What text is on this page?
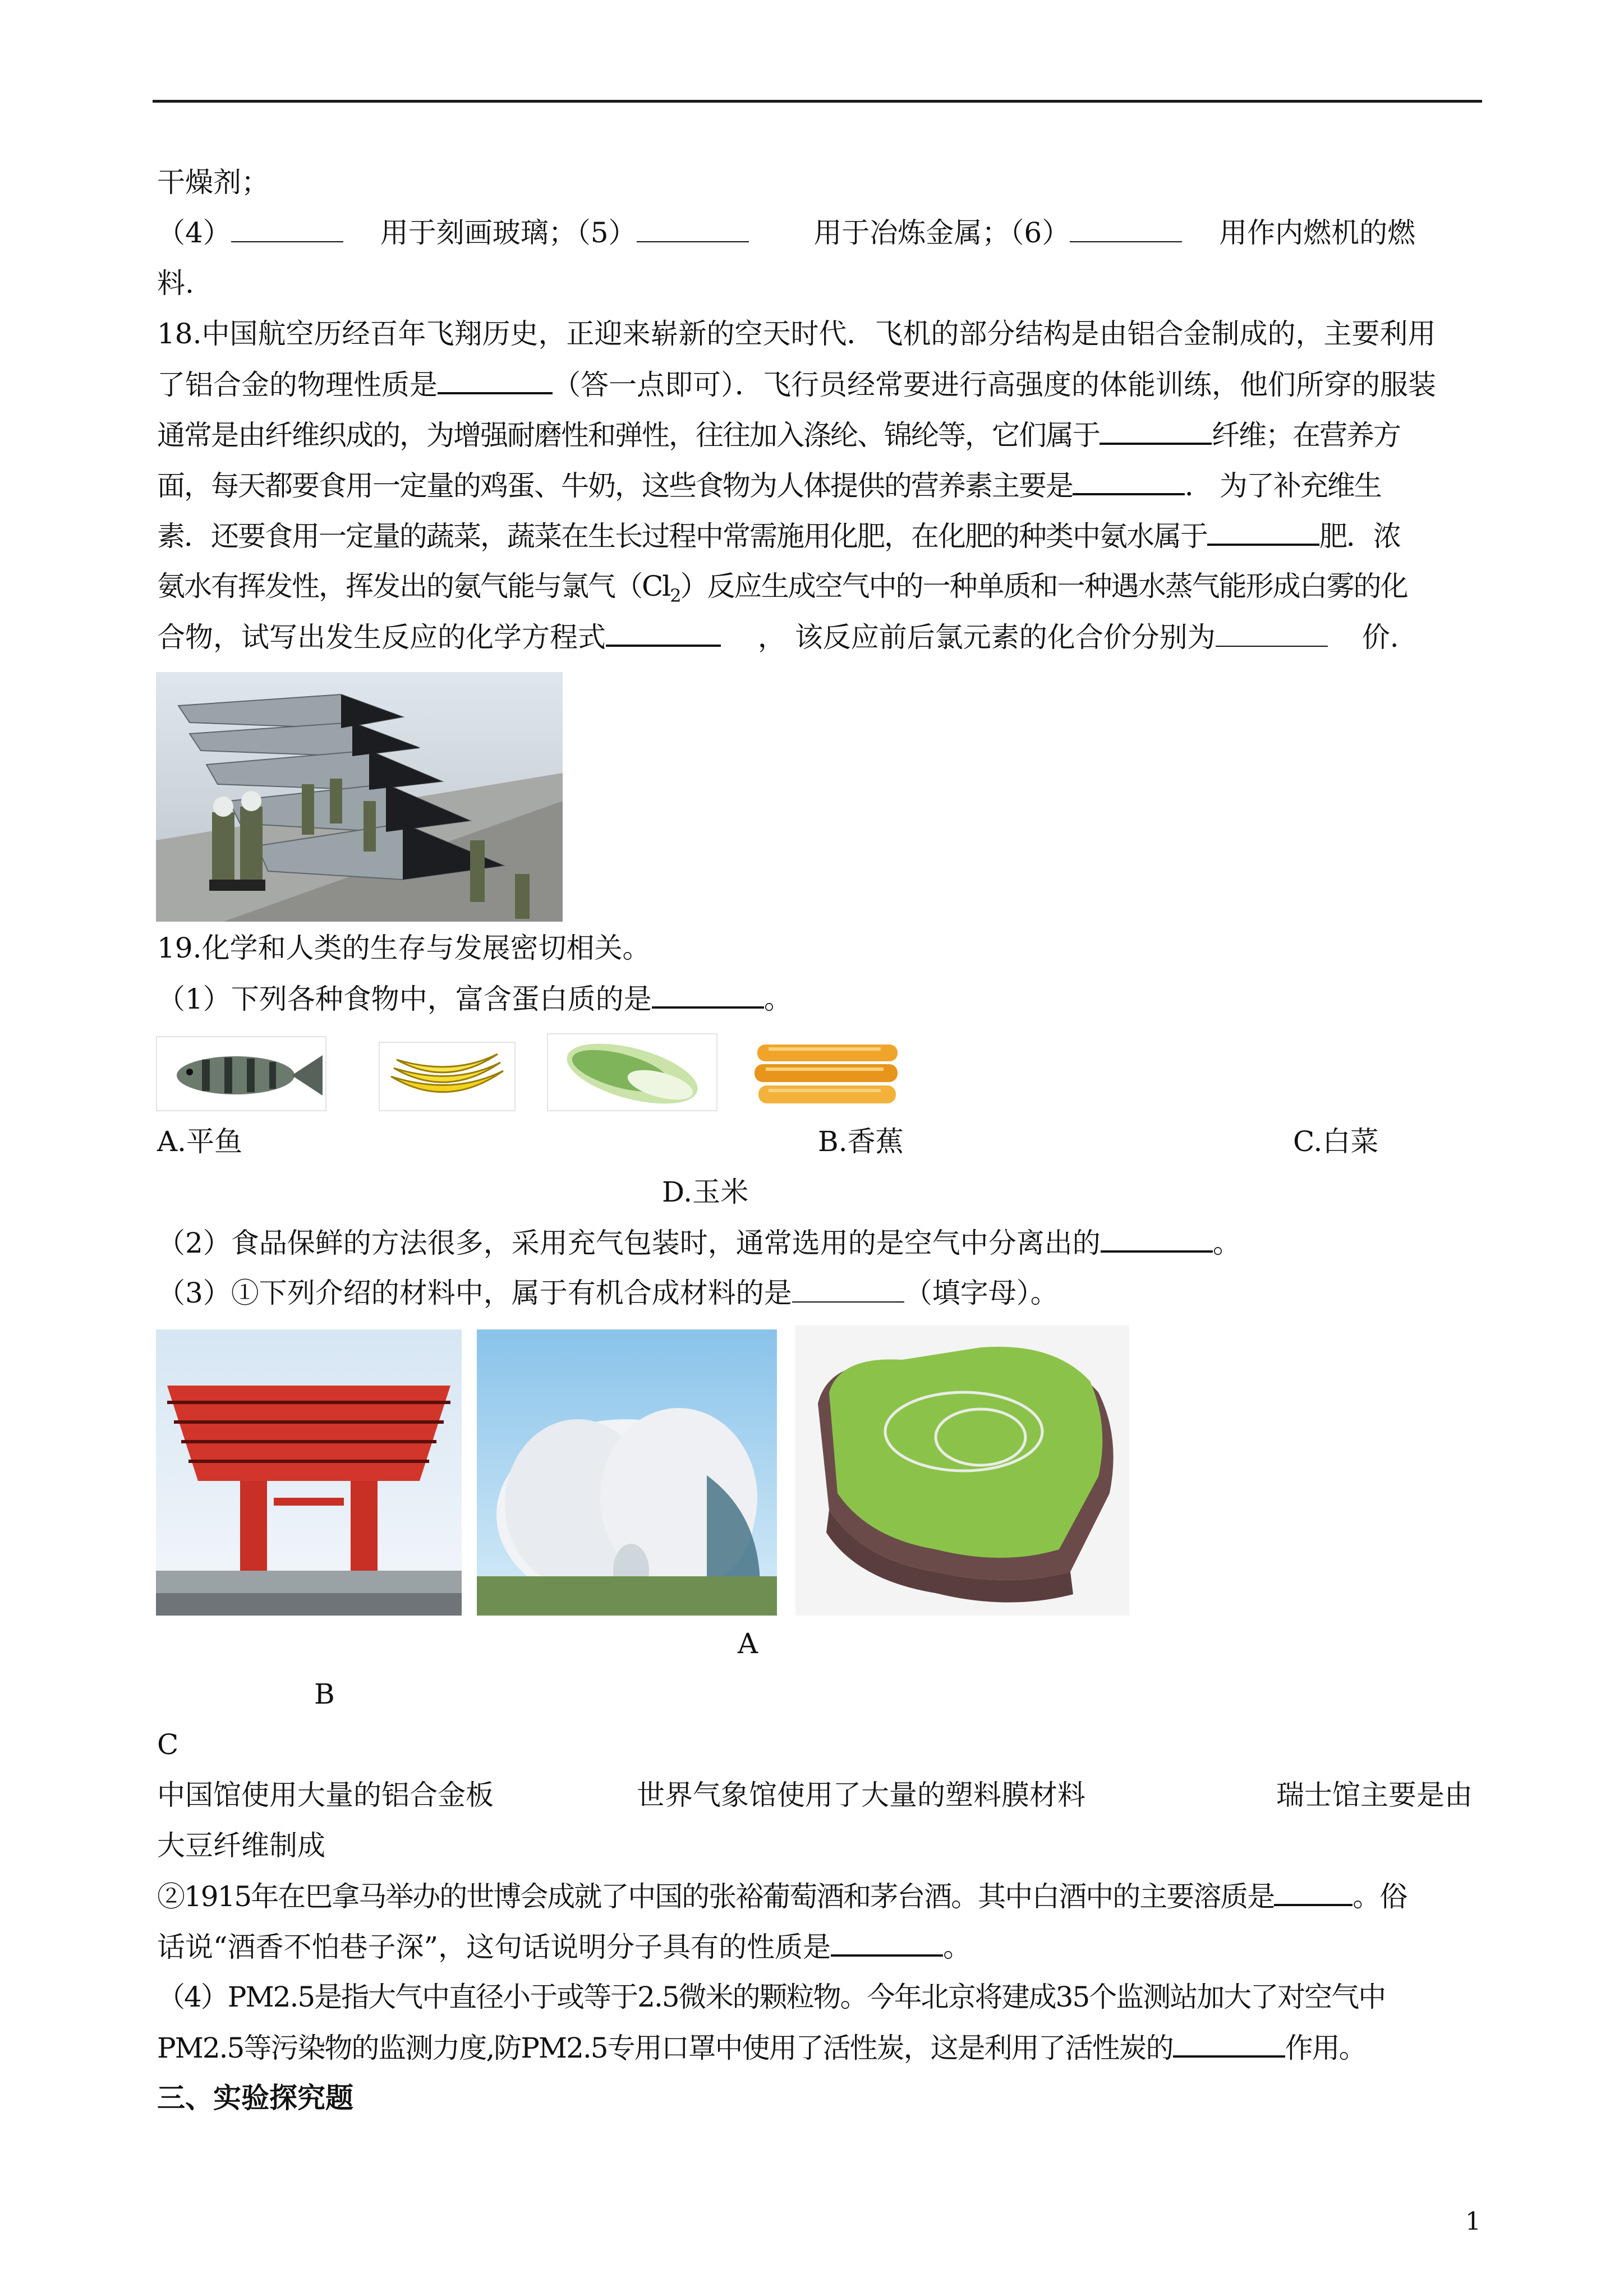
干燥剂；
（4）	用于刻画玻璃；（5）	用于冶炼金属；（6）	用作内燃机的燃
料.
18.中国航空历经百年飞翔历史，正迎来崭新的空天时代．飞机的部分结构是由铝合金制成的，主要利用
了铝合金的物理性质是	（答一点即可）．飞行员经常要进行高强度的体能训练，他们所穿的服装
通常是由纤维织成的，为增强耐磨性和弹性，往往加入涤纶、锦纶等，它们属于	纤维；在营养方
面，每天都要食用一定量的鸡蛋、牛奶，这些食物为人体提供的营养素主要是	． 为了补充维生
素．还要食用一定量的蔬菜，蔬菜在生长过程中常需施用化肥，在化肥的种类中氨水属于	肥．浓
氨水有挥发性，挥发出的氨气能与氯气$(Cl_2)$反应生成空气中的一种单质和一种遇水蒸气能形成白雾的化
合物，试写出发生反应的化学方程式	， 该反应前后氯元素的化合价分别为	价.
19.化学和人类的生存与发展密切相关。
（1）下列各种食物中，富含蛋白质的是	。
A.平鱼	B.香蕉	C.白菜
D.玉米
（2）食品保鲜的方法很多，采用充气包装时，通常选用的是空气中分离出的	。
（3）①下列介绍的材料中，属于有机合成材料的是	（填字母）。
A
B
C
中国馆使用大量的铝合金板	世界气象馆使用了大量的塑料膜材料	瑞士馆主要是由
大豆纤维制成
②1915年在巴拿马举办的世博会成就了中国的张裕葡萄酒和茅台酒。其中白酒中的主要溶质是	。俗
话说“酒香不怕巷子深”，这句话说明分子具有的性质是	。
（4）PM2.5是指大气中直径小于或等于2.5微米的颗粒物。今年北京将建成35个监测站加大了对空气中
PM2.5等污染物的监测力度,防PM2.5专用口罩中使用了活性炭，这是利用了活性炭的	作用。
三、实验探究题
1
